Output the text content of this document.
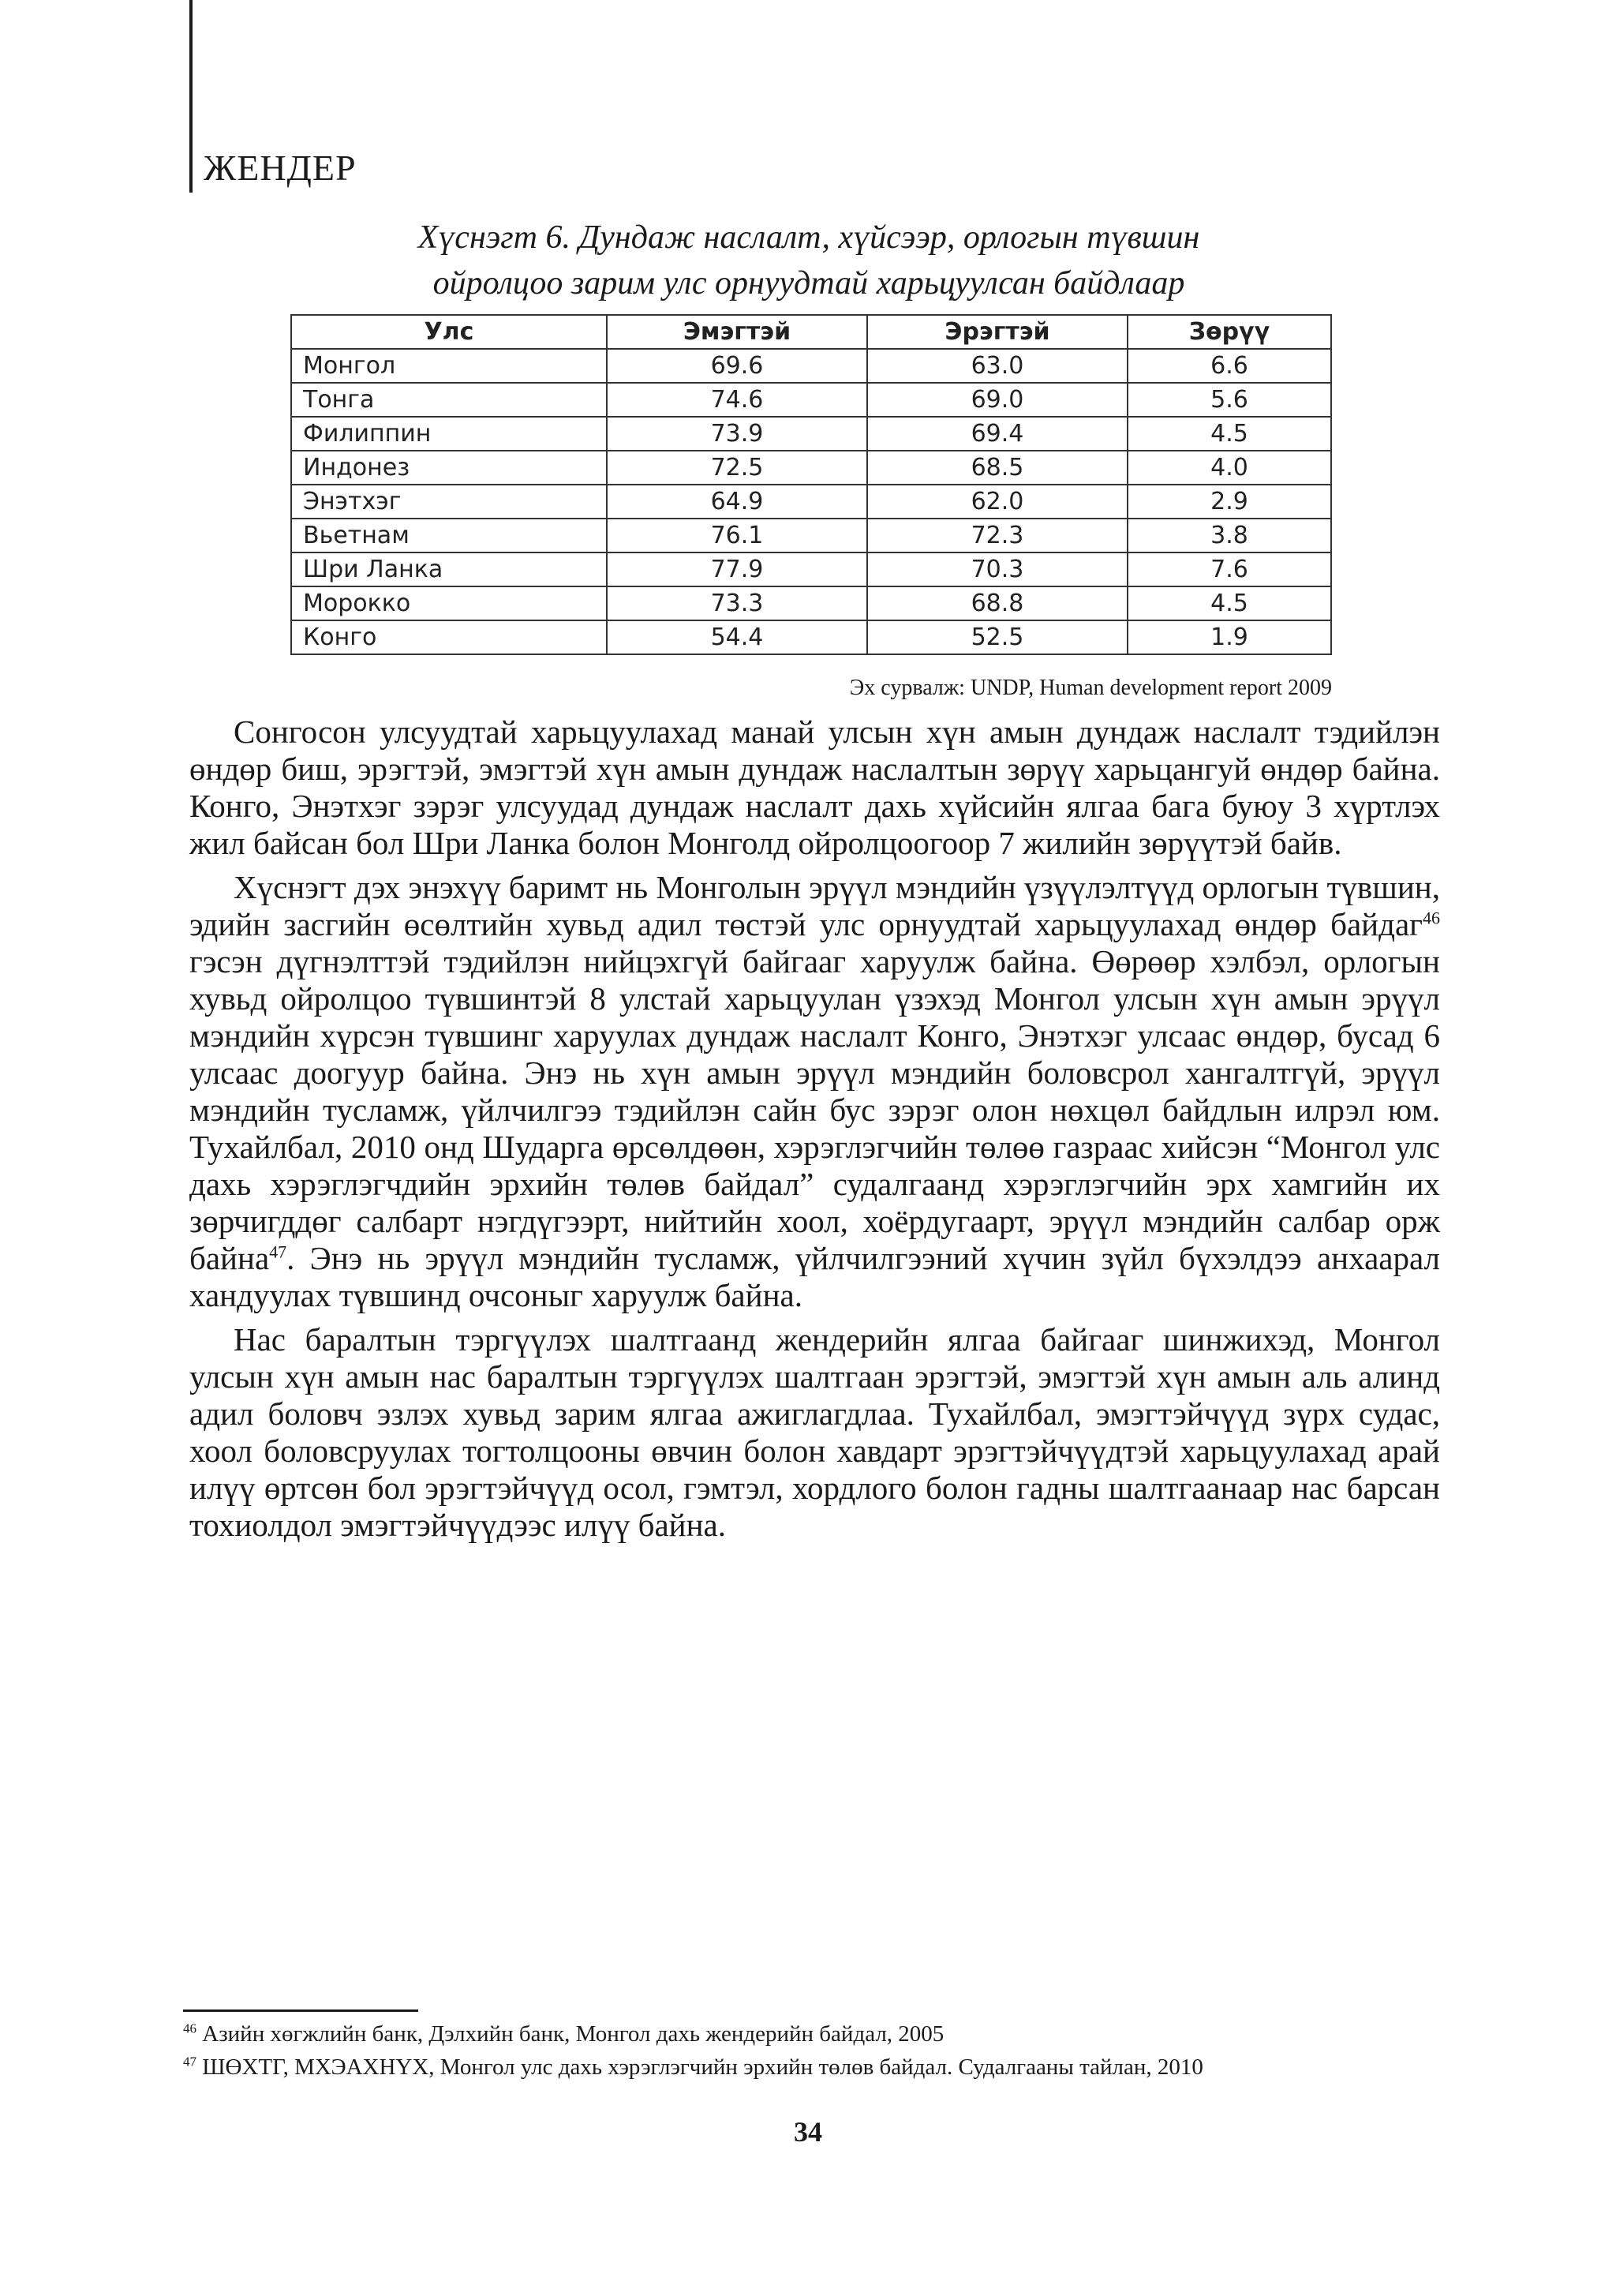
ЖЕНДЕР
Хүснэгт 6. Дундаж наслалт, хүйсээр, орлогын түвшин
ойролцоо зарим улс орнуудтай харьцуулсан байдлаар
Улс	Эмэгтэй	Эрэгтэй	Зөрүү
Монгол	69.6	63.0	6.6
Тонга	74.6	69.0	5.6
Филиппин	73.9	69.4	4.5
Индонез	72.5	68.5	4.0
Энэтхэг	64.9	62.0	2.9
Вьетнам	76.1	72.3	3.8
Шри Ланка	77.9	70.3	7.6
Морокко	73.3	68.8	4.5
Конго	54.4	52.5	1.9
Эх сурвалж: UNDP, Human development report 2009

Сонгосон улсуудтай харьцуулахад манай улсын хүн амын дундаж наслалт тэдийлэн өндөр биш, эрэгтэй, эмэгтэй хүн амын дундаж наслалтын зөрүү харьцангуй өндөр байна. Конго, Энэтхэг зэрэг улсуудад дундаж наслалт дахь хүйсийн ялгаа бага буюу 3 хүртлэх жил байсан бол Шри Ланка болон Монголд ойролцоогоор 7 жилийн зөрүүтэй байв.

Хүснэгт дэх энэхүү баримт нь Монголын эрүүл мэндийн үзүүлэлтүүд орлогын түвшин, эдийн засгийн өсөлтийн хувьд адил төстэй улс орнуудтай харьцуулахад өндөр байдаг$^{46}$ гэсэн дүгнэлттэй тэдийлэн нийцэхгүй байгааг харуулж байна. Өөрөөр хэлбэл, орлогын хувьд ойролцоо түвшинтэй 8 улстай харьцуулан үзэхэд Монгол улсын хүн амын эрүүл мэндийн хүрсэн түвшинг харуулах дундаж наслалт Конго, Энэтхэг улсаас өндөр, бусад 6 улсаас доогуур байна. Энэ нь хүн амын эрүүл мэндийн боловсрол хангалтгүй, эрүүл мэндийн тусламж, үйлчилгээ тэдийлэн сайн бус зэрэг олон нөхцөл байдлын илрэл юм. Тухайлбал, 2010 онд Шударга өрсөлдөөн, хэрэглэгчийн төлөө газраас хийсэн “Монгол улс дахь хэрэглэгчдийн эрхийн төлөв байдал” судалгаанд хэрэглэгчийн эрх хамгийн их зөрчигддөг салбарт нэгдүгээрт, нийтийн хоол, хоёрдугаарт, эрүүл мэндийн салбар орж байна$^{47}$. Энэ нь эрүүл мэндийн тусламж, үйлчилгээний хүчин зүйл бүхэлдээ анхаарал хандуулах түвшинд очсоныг харуулж байна.

Нас баралтын тэргүүлэх шалтгаанд жендерийн ялгаа байгааг шинжихэд, Монгол улсын хүн амын нас баралтын тэргүүлэх шалтгаан эрэгтэй, эмэгтэй хүн амын аль алинд адил боловч эзлэх хувьд зарим ялгаа ажиглагдлаа. Тухайлбал, эмэгтэйчүүд зүрх судас, хоол боловсруулах тогтолцооны өвчин болон хавдарт эрэгтэйчүүдтэй харьцуулахад арай илүү өртсөн бол эрэгтэйчүүд осол, гэмтэл, хордлого болон гадны шалтгаанаар нас барсан тохиолдол эмэгтэйчүүдээс илүү байна.

$^{46}$ Азийн хөгжлийн банк, Дэлхийн банк, Монгол дахь жендерийн байдал, 2005
$^{47}$ ШӨХТГ, МХЭАХНҮХ, Монгол улс дахь хэрэглэгчийн эрхийн төлөв байдал. Судалгааны тайлан, 2010
34
